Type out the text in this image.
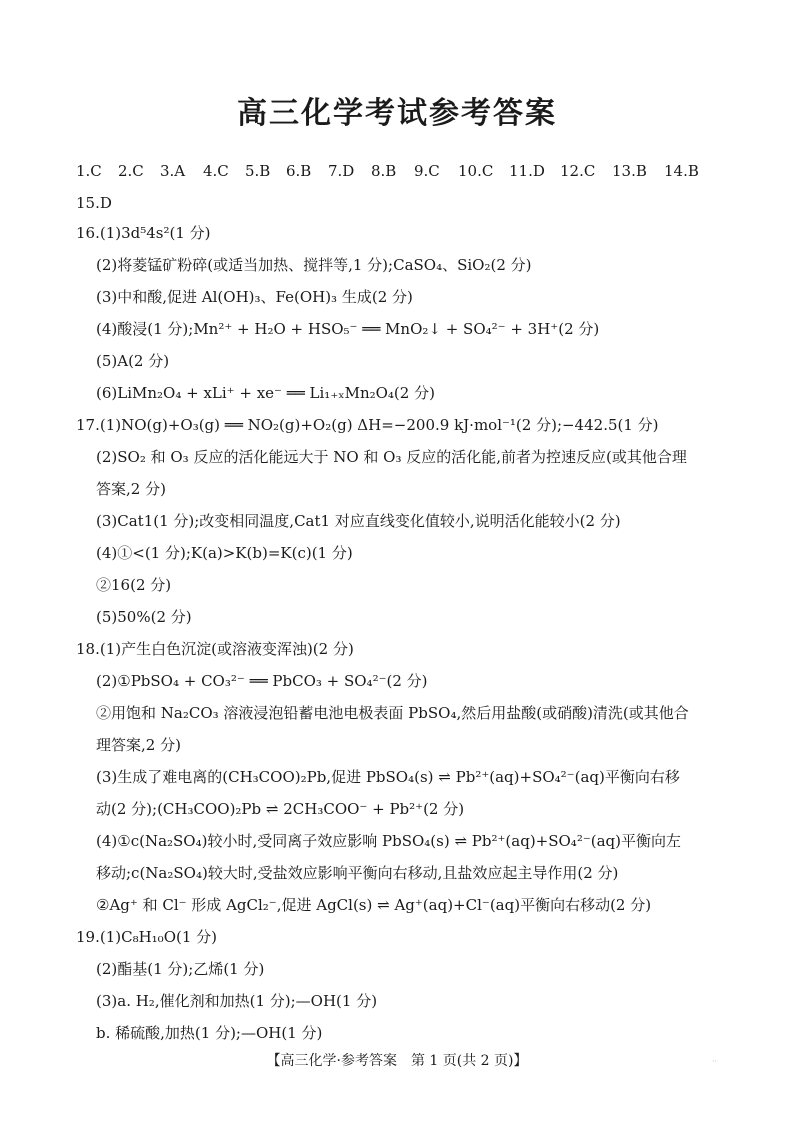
高三化学考试参考答案
1.C 2.C 3.A 4.C 5.B 6.B 7.D 8.B 9.C 10.C 11.D 12.C 13.B 14.B
15.D
16.(1)3d⁵4s²(1 分)
(2)将菱锰矿粉碎(或适当加热、搅拌等,1 分);CaSO₄、SiO₂(2 分)
(3)中和酸,促进 Al(OH)₃、Fe(OH)₃ 生成(2 分)
(4)酸浸(1 分);Mn²⁺ + H₂O + HSO₅⁻ ══ MnO₂↓ + SO₄²⁻ + 3H⁺(2 分)
(5)A(2 分)
(6)LiMn₂O₄ + xLi⁺ + xe⁻ ══ Li₁₊ₓMn₂O₄(2 分)
17.(1)NO(g)+O₃(g) ══ NO₂(g)+O₂(g) ΔH=−200.9 kJ·mol⁻¹(2 分);−442.5(1 分)
(2)SO₂ 和 O₃ 反应的活化能远大于 NO 和 O₃ 反应的活化能,前者为控速反应(或其他合理
答案,2 分)
(3)Cat1(1 分);改变相同温度,Cat1 对应直线变化值较小,说明活化能较小(2 分)
(4)①<(1 分);K(a)>K(b)=K(c)(1 分)
②16(2 分)
(5)50%(2 分)
18.(1)产生白色沉淀(或溶液变浑浊)(2 分)
(2)①PbSO₄ + CO₃²⁻ ══ PbCO₃ + SO₄²⁻(2 分)
②用饱和 Na₂CO₃ 溶液浸泡铅蓄电池电极表面 PbSO₄,然后用盐酸(或硝酸)清洗(或其他合
理答案,2 分)
(3)生成了难电离的(CH₃COO)₂Pb,促进 PbSO₄(s) ⇌ Pb²⁺(aq)+SO₄²⁻(aq)平衡向右移
动(2 分);(CH₃COO)₂Pb ⇌ 2CH₃COO⁻ + Pb²⁺(2 分)
(4)①c(Na₂SO₄)较小时,受同离子效应影响 PbSO₄(s) ⇌ Pb²⁺(aq)+SO₄²⁻(aq)平衡向左
移动;c(Na₂SO₄)较大时,受盐效应影响平衡向右移动,且盐效应起主导作用(2 分)
②Ag⁺ 和 Cl⁻ 形成 AgCl₂⁻,促进 AgCl(s) ⇌ Ag⁺(aq)+Cl⁻(aq)平衡向右移动(2 分)
19.(1)C₈H₁₀O(1 分)
(2)酯基(1 分);乙烯(1 分)
(3)a. H₂,催化剂和加热(1 分);—OH(1 分)
b. 稀硫酸,加热(1 分);—OH(1 分)
【高三化学·参考答案　第 1 页(共 2 页)】	··
